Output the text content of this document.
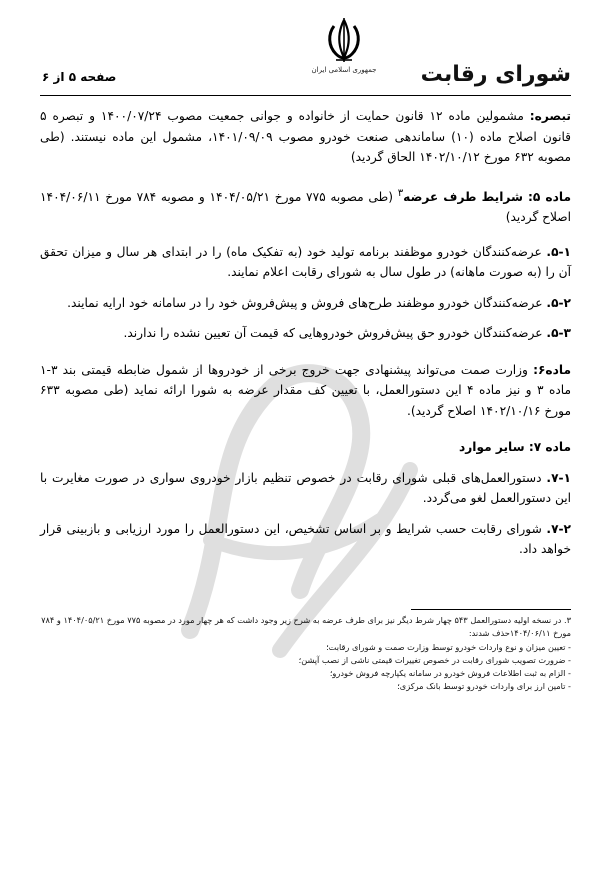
جمهوری اسلامی ایران	شورای رقابت
صفحه ۵ از ۶

تبصره: مشمولین ماده ۱۲ قانون حمایت از خانواده و جوانی جمعیت مصوب ۱۴۰۰/۰۷/۲۴ و تبصره ۵ قانون اصلاح ماده (۱۰) ساماندهی صنعت خودرو مصوب ۱۴۰۱/۰۹/۰۹، مشمول این ماده نیستند. (طی مصوبه ۶۳۲ مورخ ۱۴۰۲/۱۰/۱۲ الحاق گردید)

ماده ۵: شرایط طرف عرضه$^۳$ (طی مصوبه ۷۷۵ مورخ ۱۴۰۴/۰۵/۲۱ و مصوبه ۷۸۴ مورخ ۱۴۰۴/۰۶/۱۱ اصلاح گردید)

۵-۱. عرضه‌کنندگان خودرو موظفند برنامه تولید خود (به تفکیک ماه) را در ابتدای هر سال و میزان تحقق آن را (به صورت ماهانه) در طول سال به شورای رقابت اعلام نمایند.

۵-۲. عرضه‌کنندگان خودرو موظفند طرح‌های فروش و پیش‌فروش خود را در سامانه خود ارایه نمایند.

۵-۳. عرضه‌کنندگان خودرو حق پیش‌فروش خودروهایی که قیمت آن تعیین نشده را ندارند.

ماده۶: وزارت صمت می‌تواند پیشنهادی جهت خروج برخی از خودروها از شمول ضابطه قیمتی بند ۳-۱ ماده ۳ و نیز ماده ۴ این دستورالعمل، با تعیین کف مقدار عرضه به شورا ارائه نماید (طی مصوبه ۶۳۳ مورخ ۱۴۰۲/۱۰/۱۶ اصلاح گردید).

ماده ۷: سایر موارد

۷-۱. دستورالعمل‌های قبلی شورای رقابت در خصوص تنظیم بازار خودروی سواری در صورت مغایرت با این دستورالعمل لغو می‌گردد.

۷-۲. شورای رقابت حسب شرایط و بر اساس تشخیص، این دستورالعمل را مورد ارزیابی و بازبینی قرار خواهد داد.

۳. در نسخه اولیه دستورالعمل ۵۴۳ چهار شرط دیگر نیز برای طرف عرضه به شرح زیر وجود داشت که هر چهار مورد در مصوبه ۷۷۵ مورخ ۱۴۰۴/۰۵/۲۱ و ۷۸۴ مورخ ۱۴۰۴/۰۶/۱۱حذف شدند:

- تعیین میزان و نوع واردات خودرو توسط وزارت صمت و شورای رقابت؛

- ضرورت تصویب شورای رقابت در خصوص تغییرات قیمتی ناشی از نصب آپشن؛

- الزام به ثبت اطلاعات فروش خودرو در سامانه یکپارچه فروش خودرو؛

- تامین ارز برای واردات خودرو توسط بانک مرکزی؛
